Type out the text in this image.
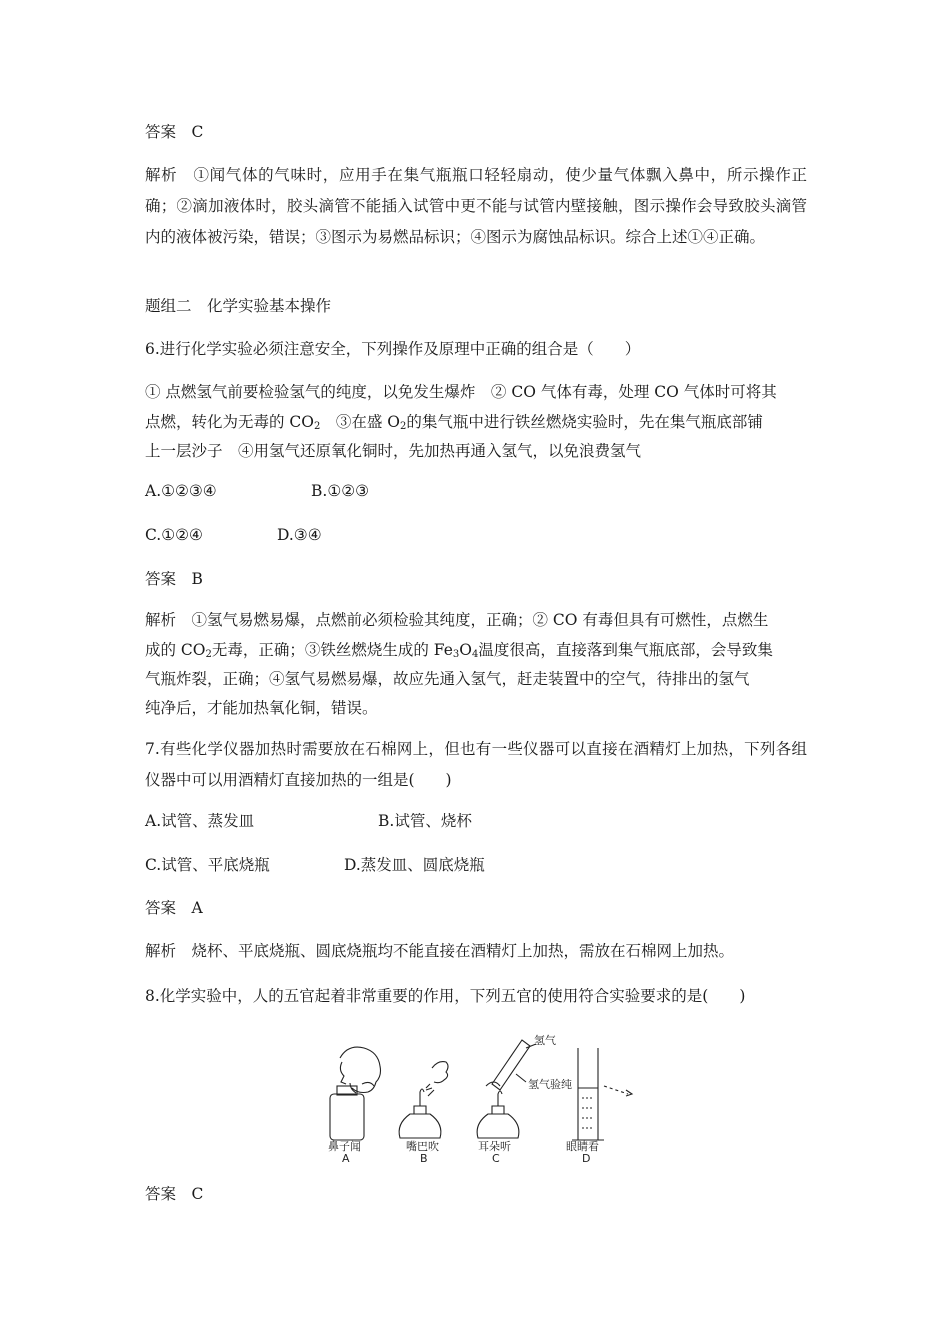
答案　C
解析　①闻气体的气味时，应用手在集气瓶瓶口轻轻扇动，使少量气体飘入鼻中，所示操作正确；②滴加液体时，胶头滴管不能插入试管中更不能与试管内壁接触，图示操作会导致胶头滴管内的液体被污染，错误；③图示为易燃品标识；④图示为腐蚀品标识。综合上述①④正确。
题组二　化学实验基本操作
6.进行化学实验必须注意安全，下列操作及原理中正确的组合是（　　）
① 点燃氢气前要检验氢气的纯度，以免发生爆炸　② CO 气体有毒，处理 CO 气体时可将其
点燃，转化为无毒的 $CO_2$　③在盛 $O_2$的集气瓶中进行铁丝燃烧实验时，先在集气瓶底部铺
上一层沙子　④用氢气还原氧化铜时，先加热再通入氢气，以免浪费氢气
A.①②③④	B.①②③
C.①②④	D.③④
答案　B
解析　①氢气易燃易爆，点燃前必须检验其纯度，正确；② CO 有毒但具有可燃性，点燃生
成的 $CO_2$无毒，正确；③铁丝燃烧生成的 $Fe_3O_4$温度很高，直接落到集气瓶底部，会导致集
气瓶炸裂，正确；④氢气易燃易爆，故应先通入氢气，赶走装置中的空气，待排出的氢气
纯净后，才能加热氧化铜，错误。
7.有些化学仪器加热时需要放在石棉网上，但也有一些仪器可以直接在酒精灯上加热，下列各组仪器中可以用酒精灯直接加热的一组是(　　)
A.试管、蒸发皿	B.试管、烧杯
C.试管、平底烧瓶	D.蒸发皿、圆底烧瓶
答案　A
解析　烧杯、平底烧瓶、圆底烧瓶均不能直接在酒精灯上加热，需放在石棉网上加热。
8.化学实验中，人的五官起着非常重要的作用，下列五官的使用符合实验要求的是(　　)
氢气
氢气验纯
鼻子闻	嘴巴吹	耳朵听	眼睛看
A	B	C	D
答案　C
